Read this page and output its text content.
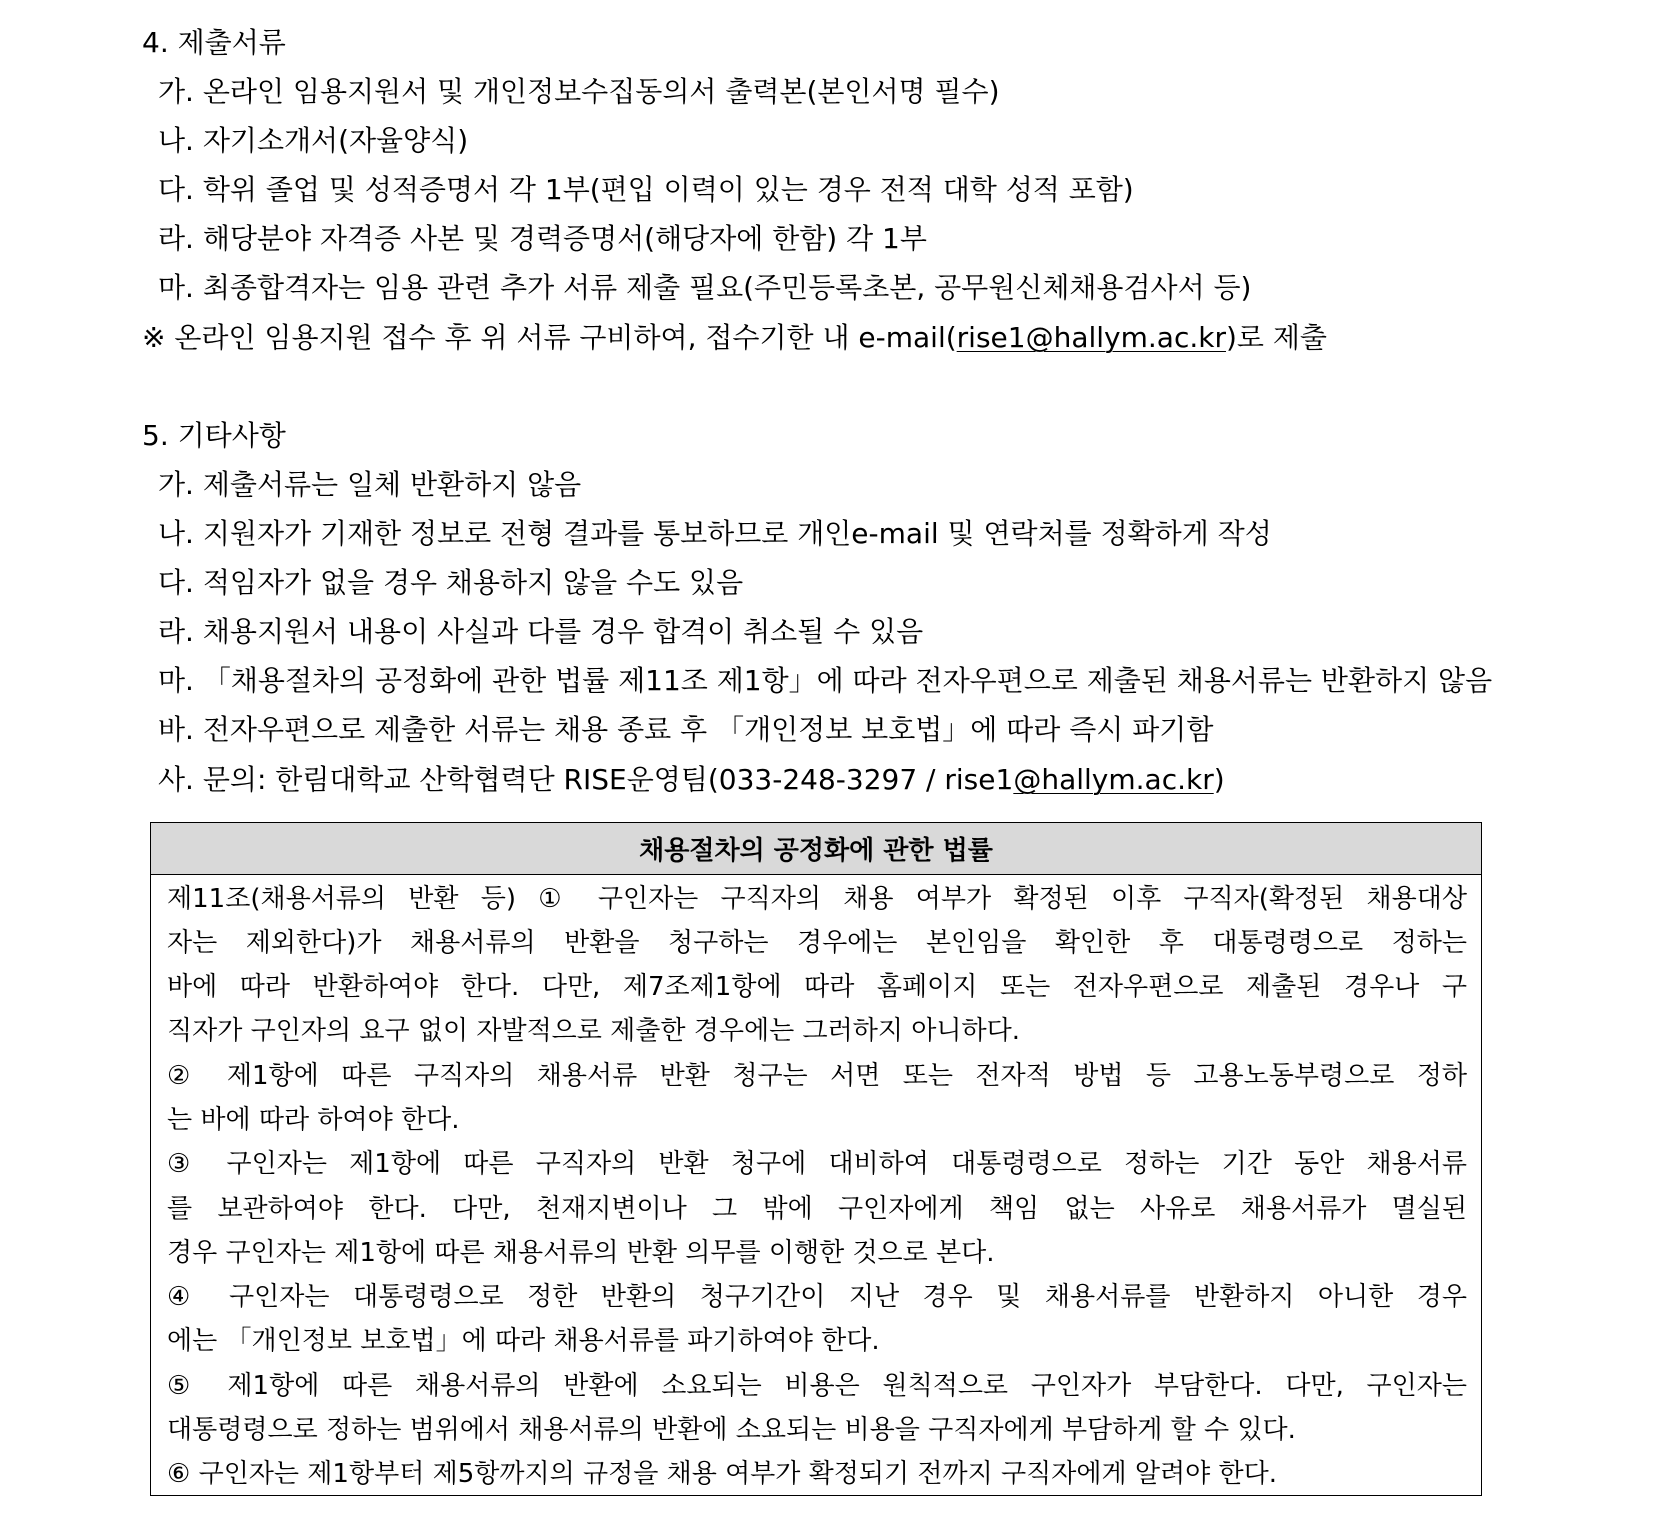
4. 제출서류
가. 온라인 임용지원서 및 개인정보수집동의서 출력본(본인서명 필수)
나. 자기소개서(자율양식)
다. 학위 졸업 및 성적증명서 각 1부(편입 이력이 있는 경우 전적 대학 성적 포함)
라. 해당분야 자격증 사본 및 경력증명서(해당자에 한함) 각 1부
마. 최종합격자는 임용 관련 추가 서류 제출 필요(주민등록초본, 공무원신체채용검사서 등)
※ 온라인 임용지원 접수 후 위 서류 구비하여, 접수기한 내 e-mail(rise1@hallym.ac.kr)로 제출
5. 기타사항
가. 제출서류는 일체 반환하지 않음
나. 지원자가 기재한 정보로 전형 결과를 통보하므로 개인e-mail 및 연락처를 정확하게 작성
다. 적임자가 없을 경우 채용하지 않을 수도 있음
라. 채용지원서 내용이 사실과 다를 경우 합격이 취소될 수 있음
마. 「채용절차의 공정화에 관한 법률 제11조 제1항」에 따라 전자우편으로 제출된 채용서류는 반환하지 않음
바. 전자우편으로 제출한 서류는 채용 종료 후 「개인정보 보호법」에 따라 즉시 파기함
사. 문의: 한림대학교 산학협력단 RISE운영팀(033-248-3297 / rise1@hallym.ac.kr)
채용절차의 공정화에 관한 법률
제11조(채용서류의 반환 등) ① 구인자는 구직자의 채용 여부가 확정된 이후 구직자(확정된 채용대상
자는 제외한다)가 채용서류의 반환을 청구하는 경우에는 본인임을 확인한 후 대통령령으로 정하는
바에 따라 반환하여야 한다. 다만, 제7조제1항에 따라 홈페이지 또는 전자우편으로 제출된 경우나 구
직자가 구인자의 요구 없이 자발적으로 제출한 경우에는 그러하지 아니하다.
② 제1항에 따른 구직자의 채용서류 반환 청구는 서면 또는 전자적 방법 등 고용노동부령으로 정하
는 바에 따라 하여야 한다.
③ 구인자는 제1항에 따른 구직자의 반환 청구에 대비하여 대통령령으로 정하는 기간 동안 채용서류
를 보관하여야 한다. 다만, 천재지변이나 그 밖에 구인자에게 책임 없는 사유로 채용서류가 멸실된
경우 구인자는 제1항에 따른 채용서류의 반환 의무를 이행한 것으로 본다.
④ 구인자는 대통령령으로 정한 반환의 청구기간이 지난 경우 및 채용서류를 반환하지 아니한 경우
에는 「개인정보 보호법」에 따라 채용서류를 파기하여야 한다.
⑤ 제1항에 따른 채용서류의 반환에 소요되는 비용은 원칙적으로 구인자가 부담한다. 다만, 구인자는
대통령령으로 정하는 범위에서 채용서류의 반환에 소요되는 비용을 구직자에게 부담하게 할 수 있다.
⑥ 구인자는 제1항부터 제5항까지의 규정을 채용 여부가 확정되기 전까지 구직자에게 알려야 한다.
